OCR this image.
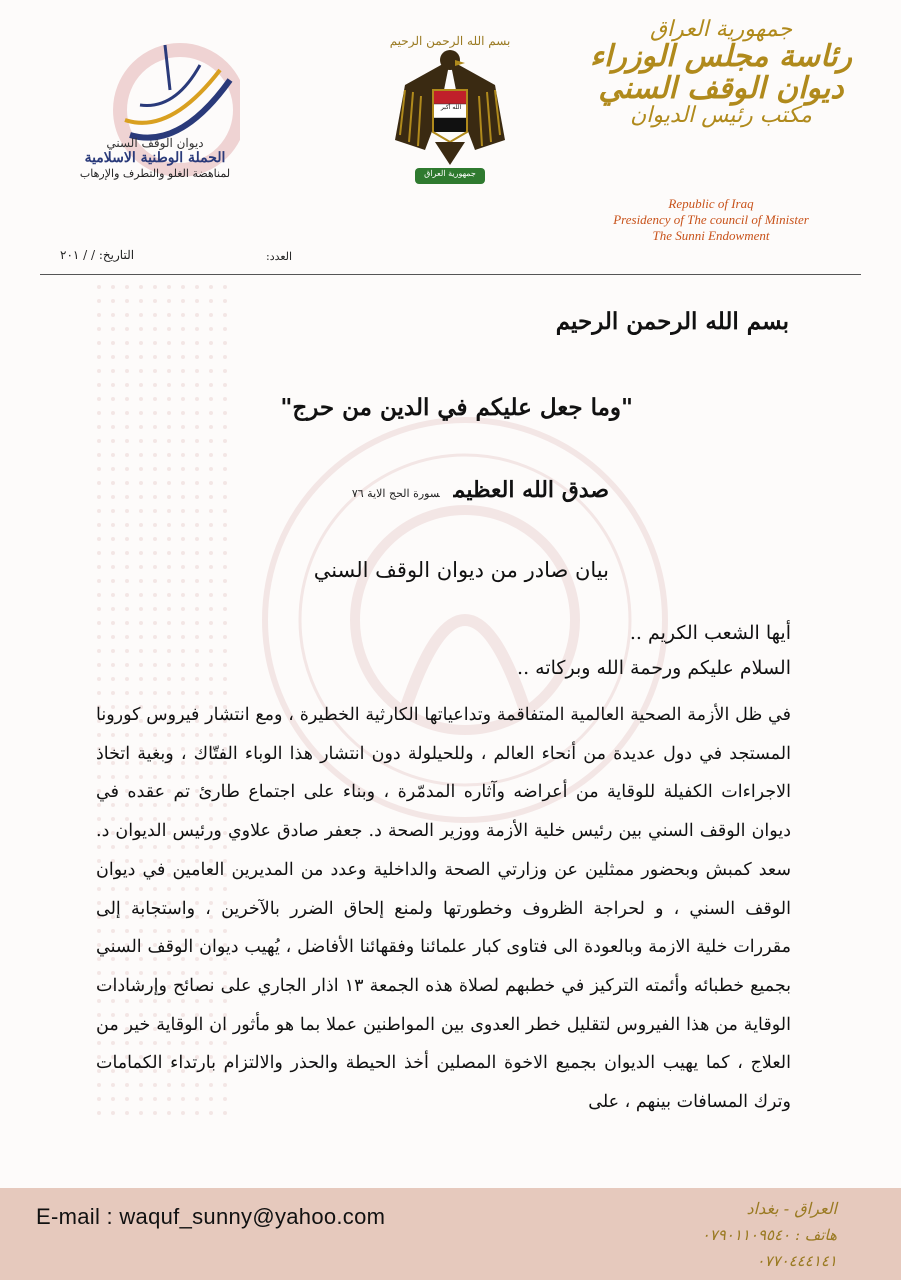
جمهورية العراق
رئاسة مجلس الوزراء
ديوان الوقف السني
مكتب رئيس الديوان
Republic of Iraq
Presidency of The council of Minister
The Sunni Endowment
بسم الله الرحمن الرحيم
الله أكبر
جمهورية العراق
ديوان الوقف السني
الحملة الوطنية الاسلامية
لمناهضة الغلو والتطرف والإرهاب
العدد:
التاريخ: / / ٢٠١
بسم الله الرحمن الرحيم
"وما جعل عليكم في الدين من حرج"
صدق الله العظيمسورة الحج الاية ٧٦
بيان صادر من ديوان الوقف السني
أيها الشعب الكريم ..
السلام عليكم ورحمة الله وبركاته ..
في ظل الأزمة الصحية العالمية المتفاقمة وتداعياتها الكارثية الخطيرة ، ومع انتشار فيروس كورونا المستجد في دول عديدة من أنحاء العالم ، وللحيلولة دون انتشار هذا الوباء الفتّاك ، وبغية اتخاذ الاجراءات الكفيلة للوقاية من أعراضه وآثاره المدمّرة ، وبناء على اجتماع طارئ تم عقده في ديوان الوقف السني بين رئيس خلية الأزمة ووزير الصحة د. جعفر صادق علاوي ورئيس الديوان د. سعد كمبش وبحضور ممثلين عن وزارتي الصحة والداخلية وعدد من المديرين العامين في ديوان الوقف السني ، و لحراجة الظروف وخطورتها ولمنع إلحاق الضرر بالآخرين ، واستجابة إلى مقررات خلية الازمة وبالعودة الى فتاوى كبار علمائنا وفقهائنا الأفاضل ، يُهيب ديوان الوقف السني بجميع خطبائه وأئمته التركيز في خطبهم لصلاة هذه الجمعة ١٣ اذار الجاري على نصائح وإرشادات الوقاية من هذا الفيروس لتقليل خطر العدوى بين المواطنين عملا بما هو مأثور ان الوقاية خير من العلاج ، كما يهيب الديوان بجميع الاخوة المصلين أخذ الحيطة والحذر والالتزام بارتداء الكمامات وترك المسافات بينهم ، على
E-mail : waquf_sunny@yahoo.com	العراق - بغداد
هاتف : ٠٧٩٠١١٠٩٥٤٠
٠٧٧٠٤٤٤١٤١
